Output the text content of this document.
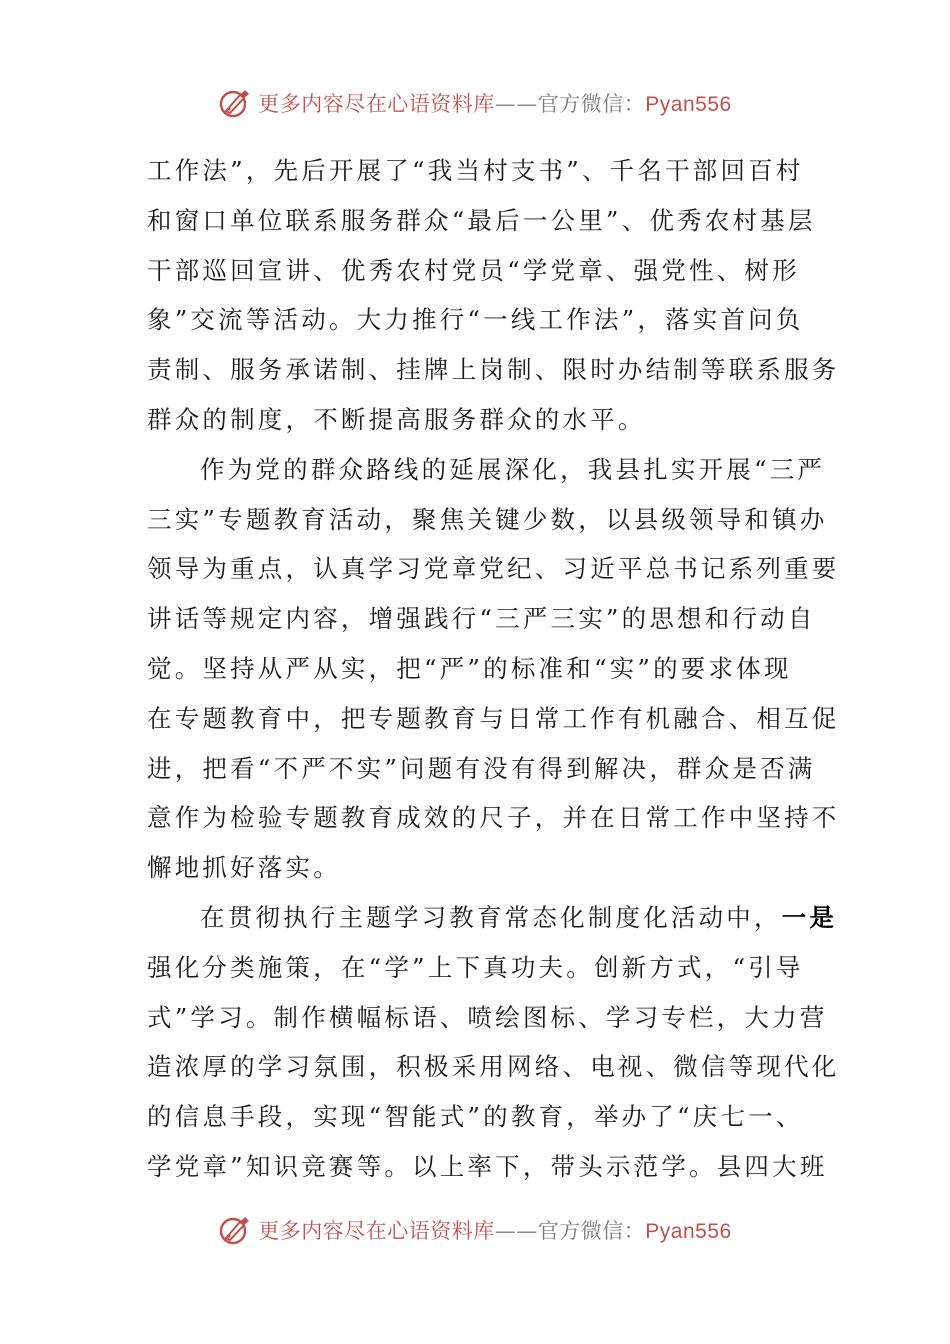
更多内容尽在心语资料库——官方微信：Pyan556
工作法”，先后开展了“我当村支书”、千名干部回百村
和窗口单位联系服务群众“最后一公里”、优秀农村基层
干部巡回宣讲、优秀农村党员“学党章、强党性、树形
象”交流等活动。大力推行“一线工作法”，落实首问负
责制、服务承诺制、挂牌上岗制、限时办结制等联系服务
群众的制度，不断提高服务群众的水平。
作为党的群众路线的延展深化，我县扎实开展“三严
三实”专题教育活动，聚焦关键少数，以县级领导和镇办
领导为重点，认真学习党章党纪、习近平总书记系列重要
讲话等规定内容，增强践行“三严三实”的思想和行动自
觉。坚持从严从实，把“严”的标准和“实”的要求体现
在专题教育中，把专题教育与日常工作有机融合、相互促
进，把看“不严不实”问题有没有得到解决，群众是否满
意作为检验专题教育成效的尺子，并在日常工作中坚持不
懈地抓好落实。
在贯彻执行主题学习教育常态化制度化活动中，一是
强化分类施策，在“学”上下真功夫。创新方式，“引导
式”学习。制作横幅标语、喷绘图标、学习专栏，大力营
造浓厚的学习氛围，积极采用网络、电视、微信等现代化
的信息手段，实现“智能式”的教育，举办了“庆七一、
学党章”知识竞赛等。以上率下，带头示范学。县四大班
更多内容尽在心语资料库——官方微信：Pyan556
